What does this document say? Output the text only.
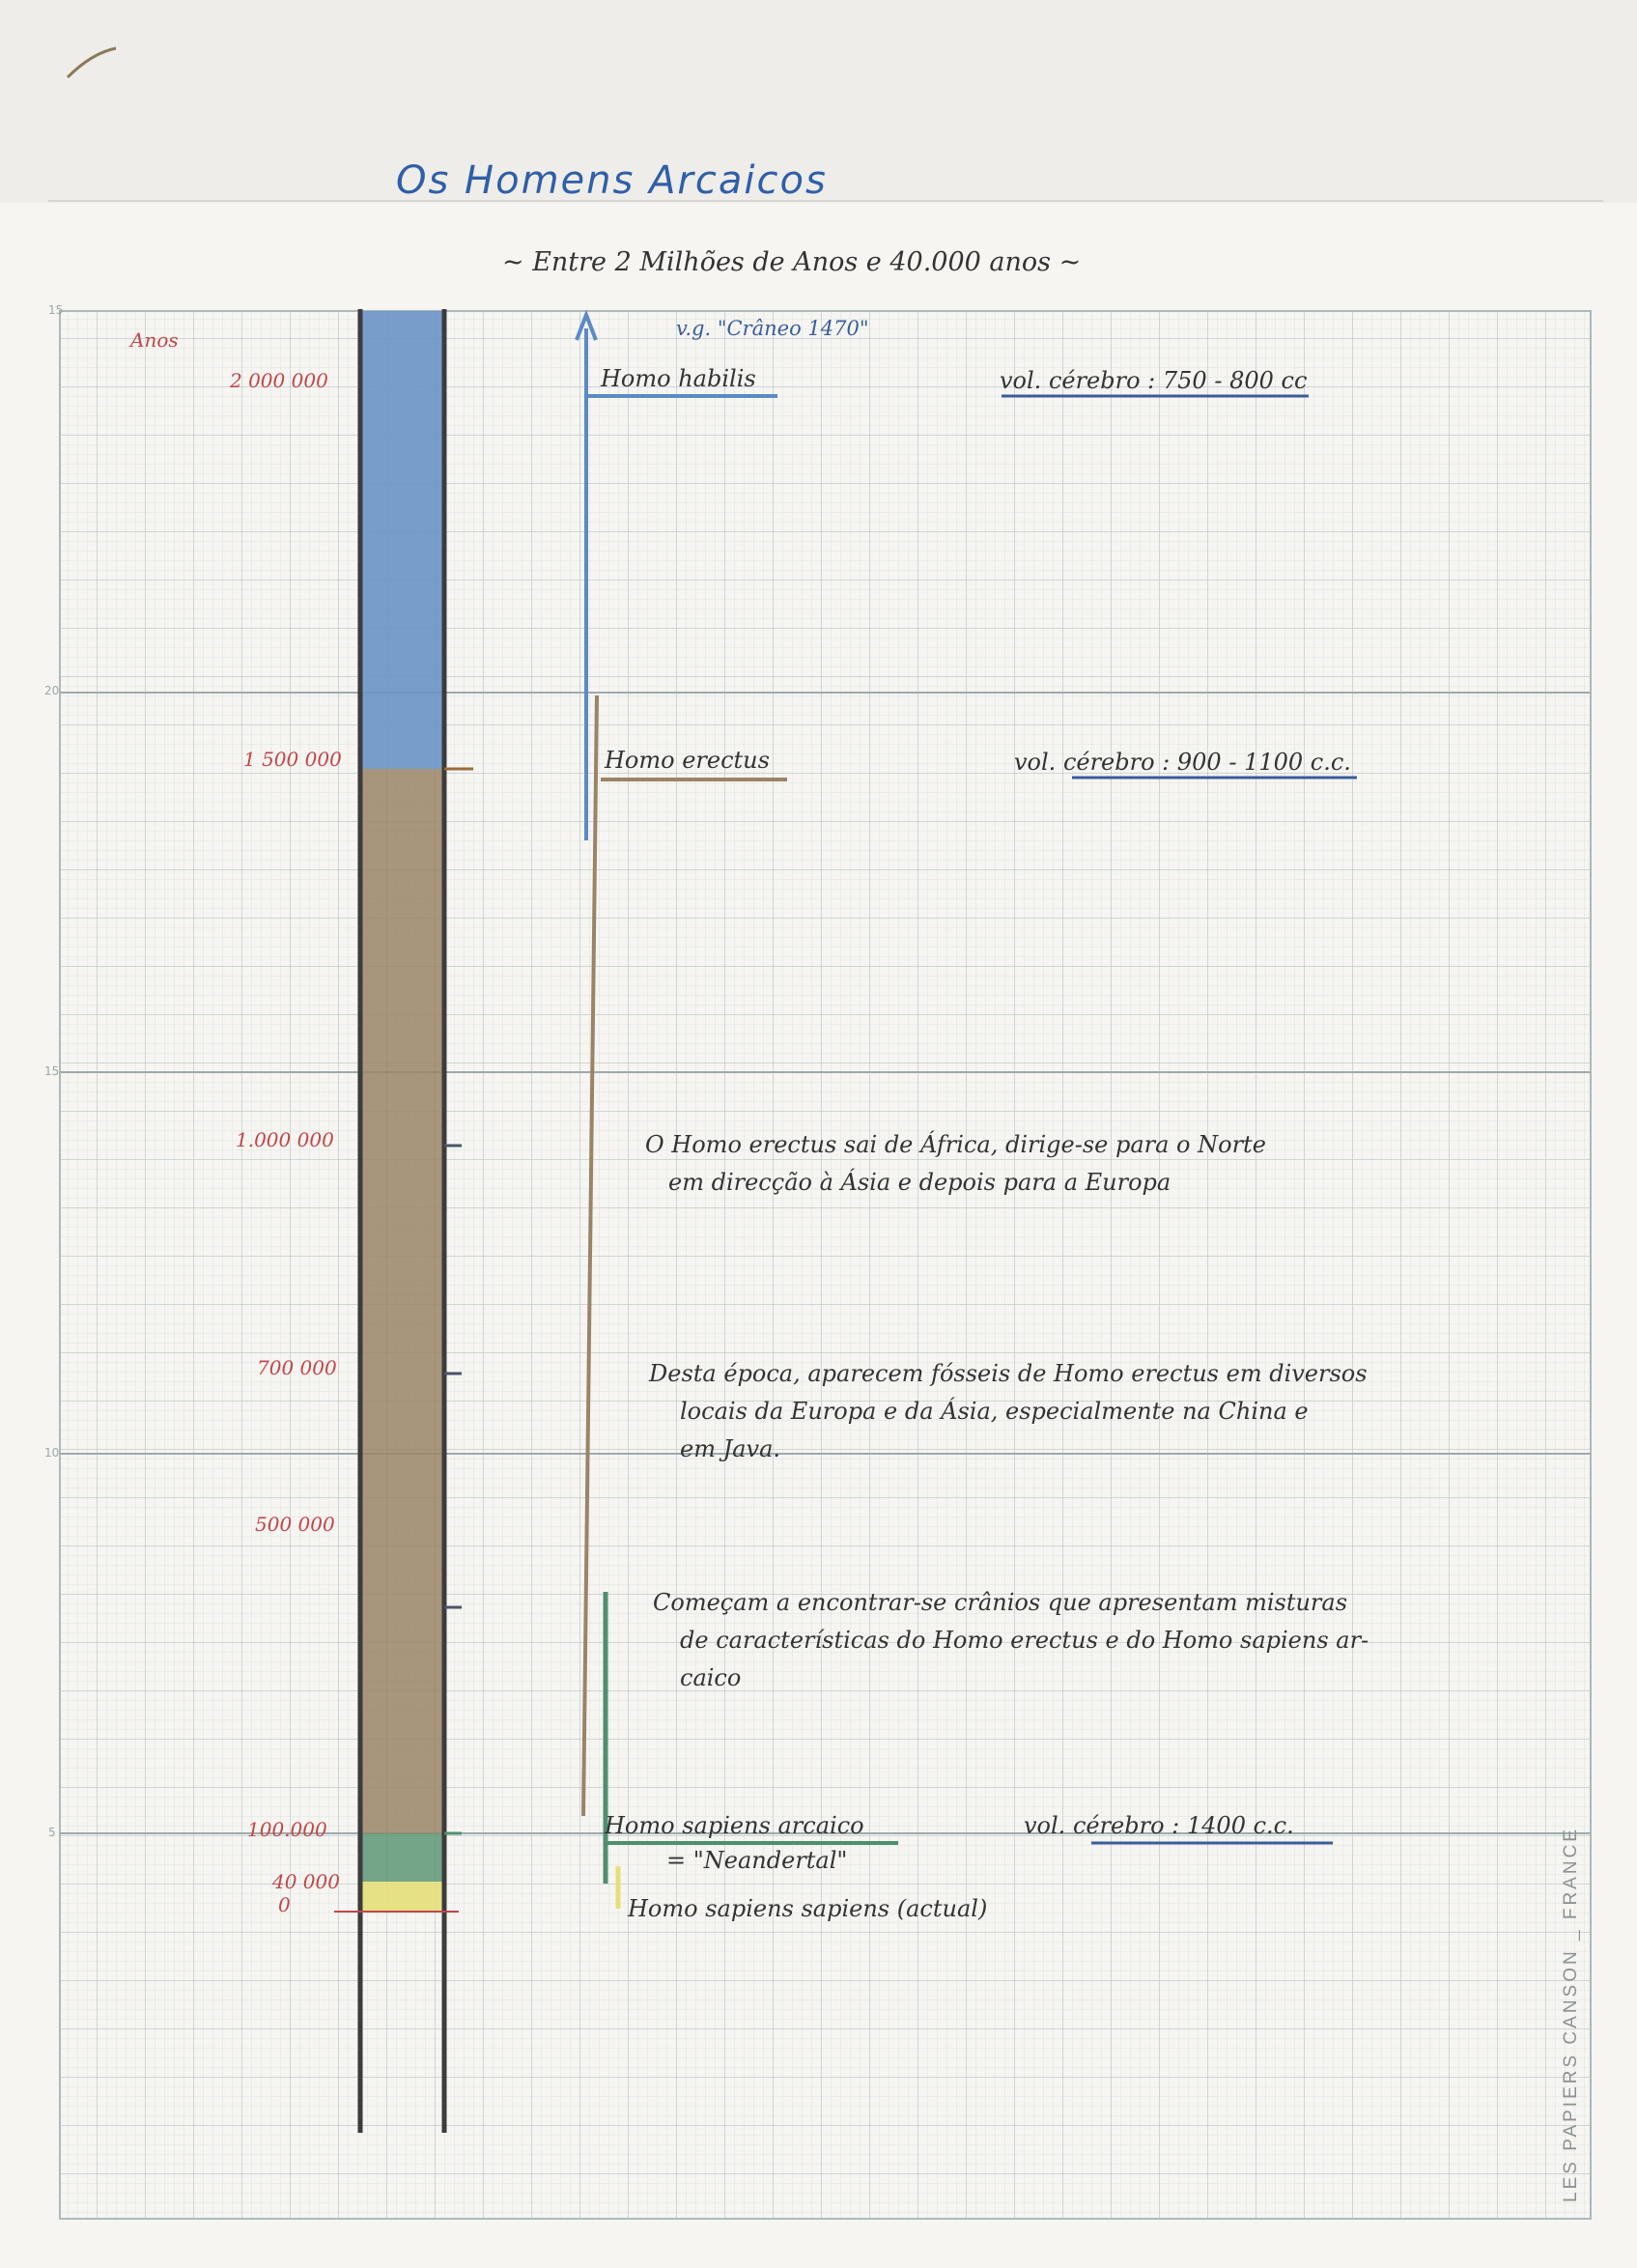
Os Homens Arcaicos
~ Entre 2 Milhões de Anos e 40.000 anos ~
Anos
2 000 000
1 500 000
1.000 000
700 000
500 000
100.000
40 000
0
15
20
15
10
5
v.g. "Crâneo 1470"
Homo habilis	vol. cérebro : 750 - 800 cc
Homo erectus	vol. cérebro : 900 - 1100 c.c.
O Homo erectus sai de África, dirige-se para o Norte
em direcção à Ásia e depois para a Europa
Desta época, aparecem fósseis de Homo erectus em diversos
locais da Europa e da Ásia, especialmente na China e
em Java.
Começam a encontrar-se crânios que apresentam misturas
de características do Homo erectus e do Homo sapiens ar-
caico
Homo sapiens arcaico
= "Neandertal"
vol. cérebro : 1400 c.c.
Homo sapiens sapiens (actual)	LES PAPIERS CANSON _ FRANCE
